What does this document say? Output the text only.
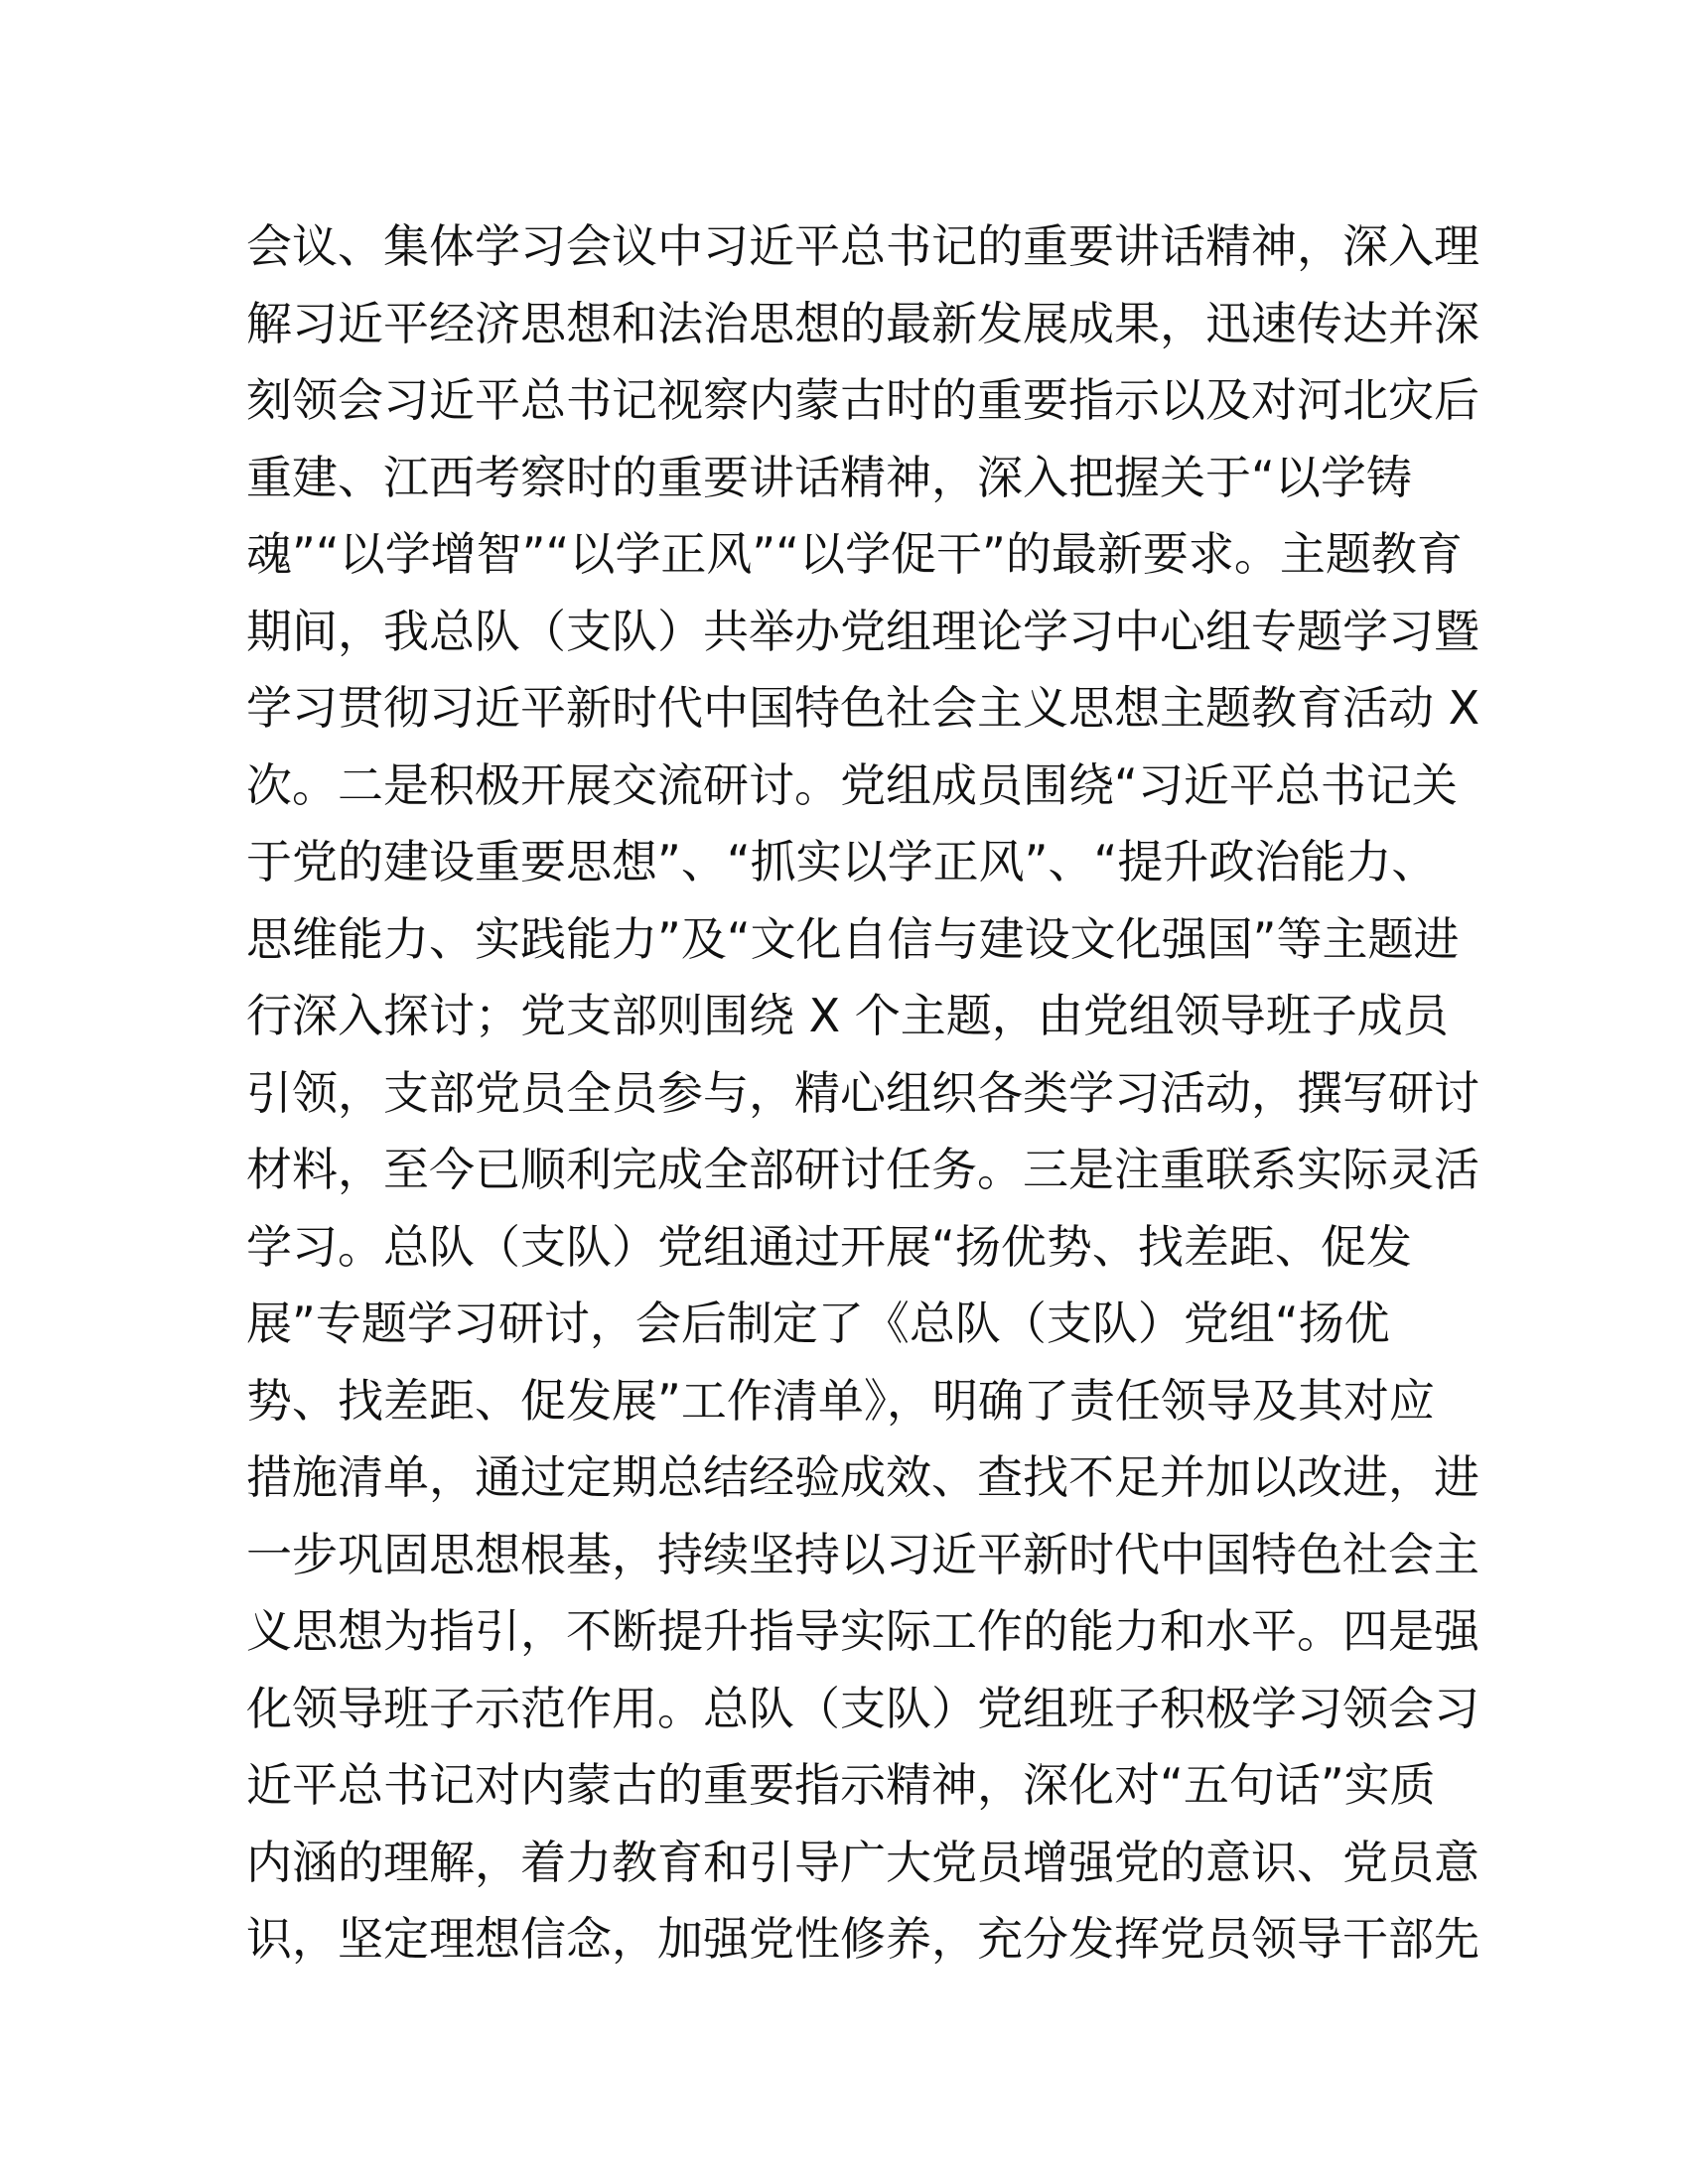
会议、集体学习会议中习近平总书记的重要讲话精神，深入理
解习近平经济思想和法治思想的最新发展成果，迅速传达并深
刻领会习近平总书记视察内蒙古时的重要指示以及对河北灾后
重建、江西考察时的重要讲话精神，深入把握关于“以学铸
魂”“以学增智”“以学正风”“以学促干”的最新要求。主题教育
期间，我总队（支队）共举办党组理论学习中心组专题学习暨
学习贯彻习近平新时代中国特色社会主义思想主题教育活动 X
次。二是积极开展交流研讨。党组成员围绕“习近平总书记关
于党的建设重要思想”、“抓实以学正风”、“提升政治能力、
思维能力、实践能力”及“文化自信与建设文化强国”等主题进
行深入探讨；党支部则围绕 X 个主题，由党组领导班子成员
引领，支部党员全员参与，精心组织各类学习活动，撰写研讨
材料，至今已顺利完成全部研讨任务。三是注重联系实际灵活
学习。总队（支队）党组通过开展“扬优势、找差距、促发
展”专题学习研讨，会后制定了《总队（支队）党组“扬优
势、找差距、促发展”工作清单》，明确了责任领导及其对应
措施清单，通过定期总结经验成效、查找不足并加以改进，进
一步巩固思想根基，持续坚持以习近平新时代中国特色社会主
义思想为指引，不断提升指导实际工作的能力和水平。四是强
化领导班子示范作用。总队（支队）党组班子积极学习领会习
近平总书记对内蒙古的重要指示精神，深化对“五句话”实质
内涵的理解，着力教育和引导广大党员增强党的意识、党员意
识，坚定理想信念，加强党性修养，充分发挥党员领导干部先
